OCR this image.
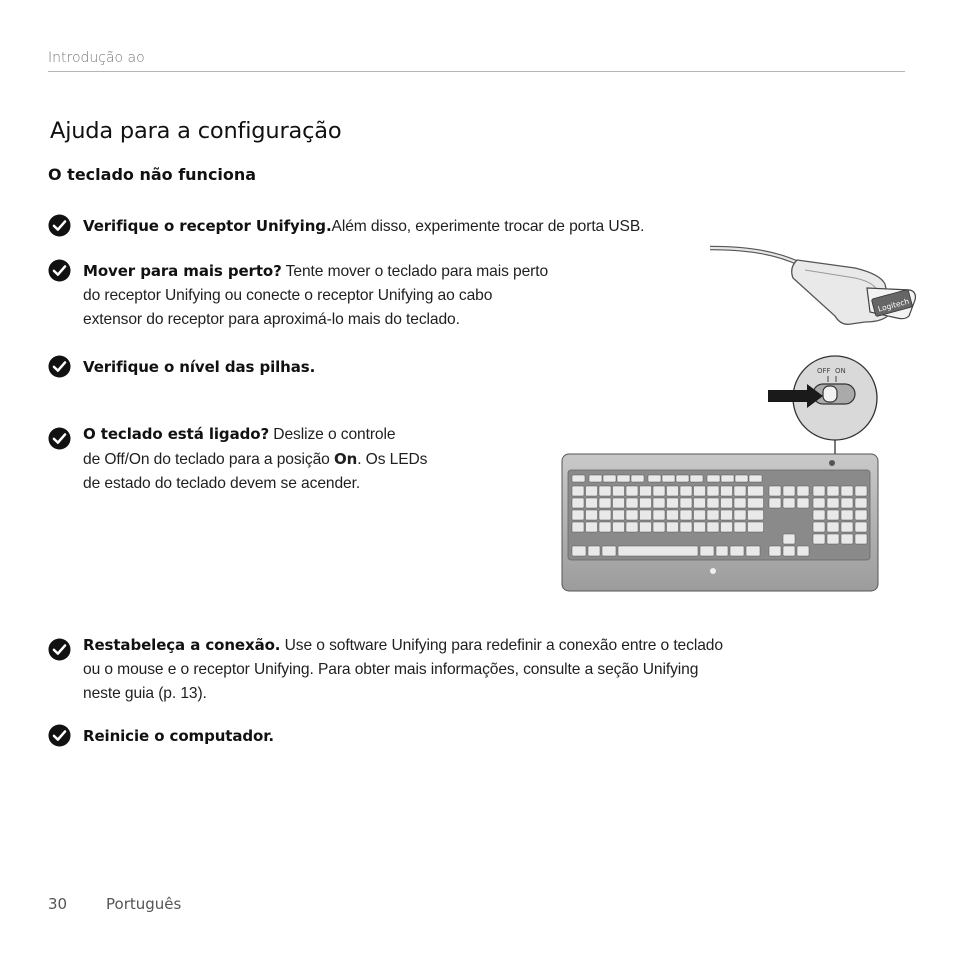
Introdução ao
Ajuda para a configuração
O teclado não funciona
Verifique o receptor Unifying.Além disso, experimente trocar de porta USB.
Mover para mais perto? Tente mover o teclado para mais perto
do receptor Unifying ou conecte o receptor Unifying ao cabo
extensor do receptor para aproximá-lo mais do teclado.
Verifique o nível das pilhas.
O teclado está ligado? Deslize o controle
de Off/On do teclado para a posição On. Os LEDs
de estado do teclado devem se acender.
Restabeleça a conexão. Use o software Unifying para redefinir a conexão entre o teclado
ou o mouse e o receptor Unifying. Para obter mais informações, consulte a seção Unifying
neste guia (p. 13).
Reinicie o computador.
Logitech
OFF ON
30	Português
